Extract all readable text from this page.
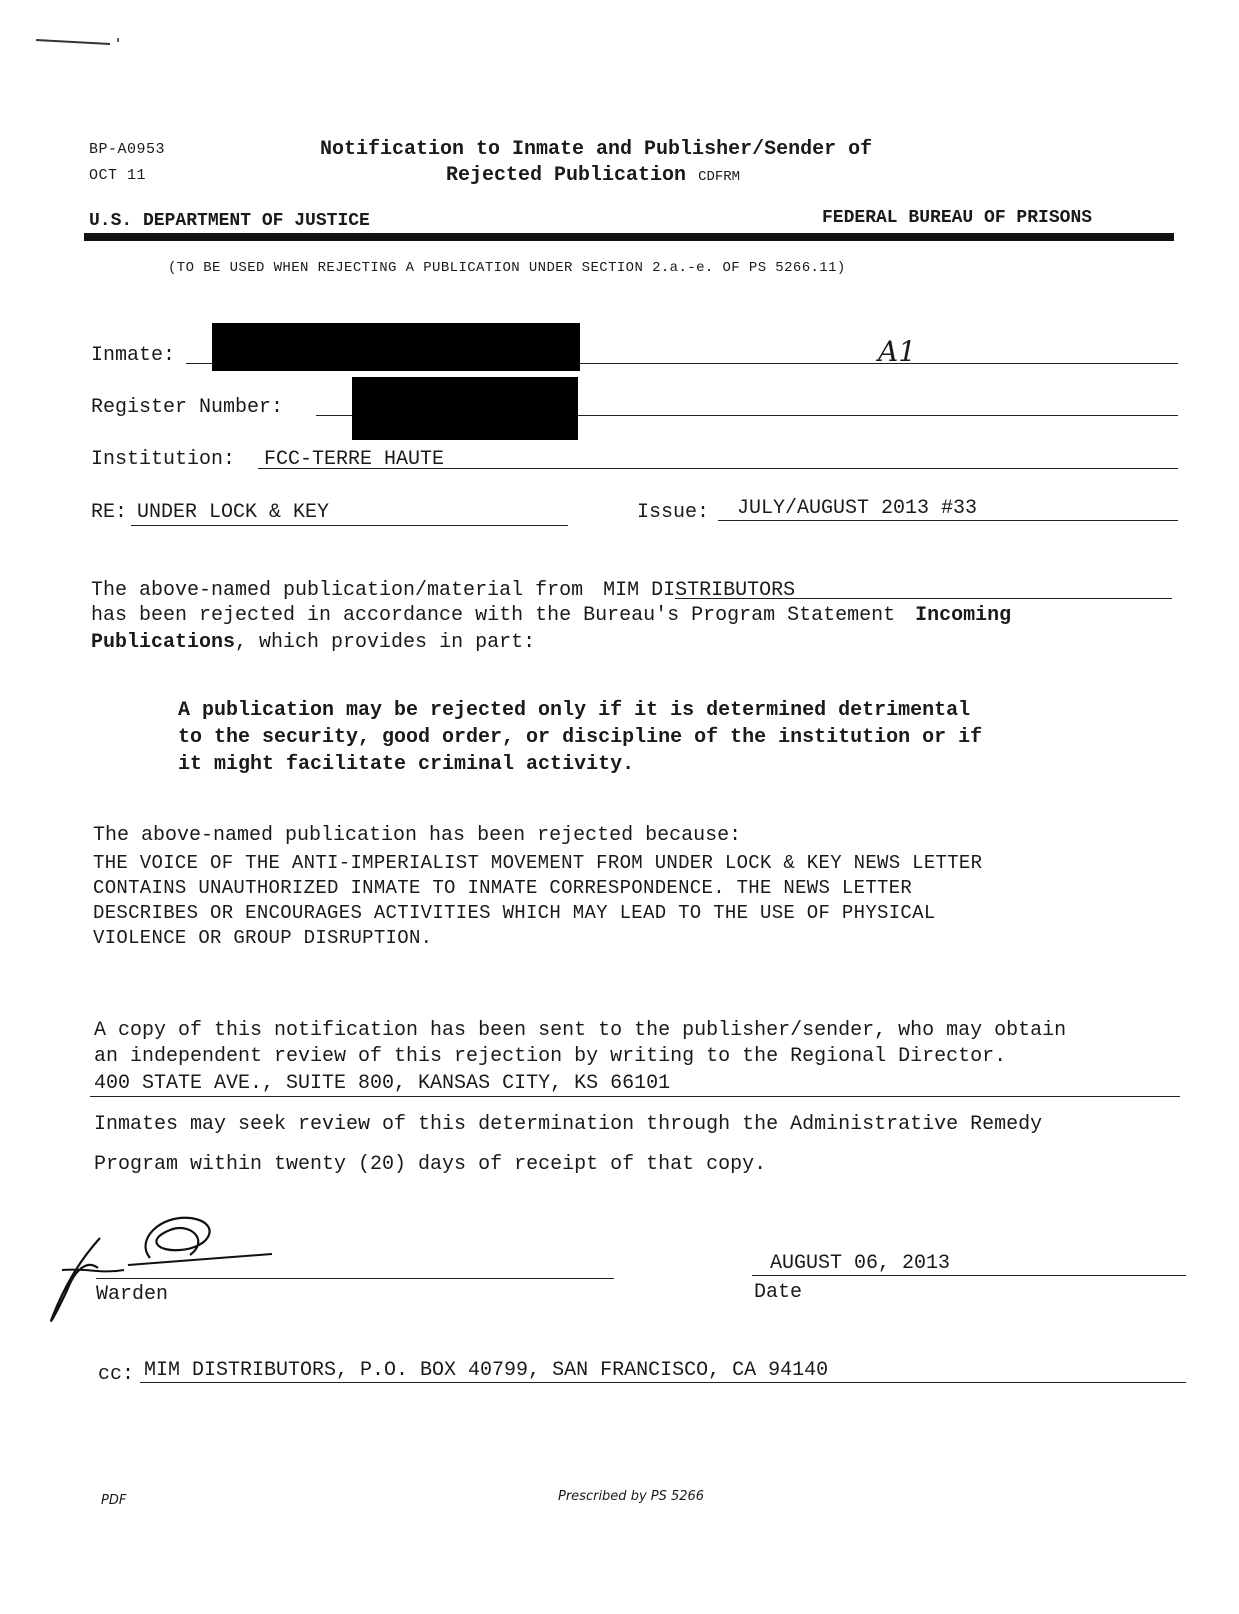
BP-A0953
OCT 11
Notification to Inmate and Publisher/Sender of
Rejected Publication CDFRM
U.S. DEPARTMENT OF JUSTICE	FEDERAL BUREAU OF PRISONS
(TO BE USED WHEN REJECTING A PUBLICATION UNDER SECTION 2.a.-e. OF PS 5266.11)
Inmate:	A1
Register Number:
Institution: FCC-TERRE HAUTE
RE: UNDER LOCK & KEY	Issue: JULY/AUGUST 2013 #33
The above-named publication/material from MIM DISTRIBUTORS
has been rejected in accordance with the Bureau's Program Statement Incoming
Publications, which provides in part:
A publication may be rejected only if it is determined detrimental
to the security, good order, or discipline of the institution or if
it might facilitate criminal activity.
The above-named publication has been rejected because:
THE VOICE OF THE ANTI-IMPERIALIST MOVEMENT FROM UNDER LOCK & KEY NEWS LETTER
CONTAINS UNAUTHORIZED INMATE TO INMATE CORRESPONDENCE. THE NEWS LETTER
DESCRIBES OR ENCOURAGES ACTIVITIES WHICH MAY LEAD TO THE USE OF PHYSICAL
VIOLENCE OR GROUP DISRUPTION.
A copy of this notification has been sent to the publisher/sender, who may obtain
an independent review of this rejection by writing to the Regional Director.
400 STATE AVE., SUITE 800, KANSAS CITY, KS 66101
Inmates may seek review of this determination through the Administrative Remedy
Program within twenty (20) days of receipt of that copy.
Warden
AUGUST 06, 2013
Date
cc: MIM DISTRIBUTORS, P.O. BOX 40799, SAN FRANCISCO, CA 94140
PDF	Prescribed by PS 5266
